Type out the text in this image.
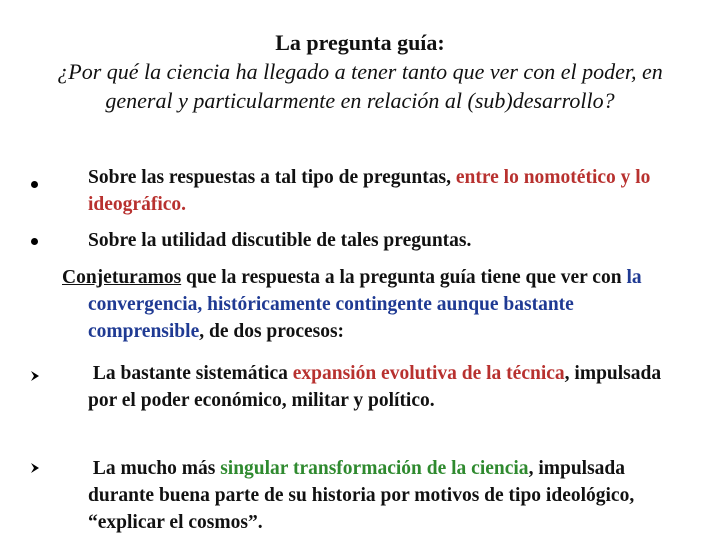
La pregunta guía:
¿Por qué la ciencia ha llegado a tener tanto que ver con el poder, en general y particularmente en relación al (sub)desarrollo?
Sobre las respuestas a tal tipo de preguntas, entre lo nomotético y lo ideográfico.
Sobre la utilidad discutible de tales preguntas.
Conjeturamos que la respuesta a la pregunta guía tiene que ver con la convergencia, históricamente contingente aunque bastante comprensible, de dos procesos:
La bastante sistemática expansión evolutiva de la técnica, impulsada por el poder económico, militar y político.
La mucho más singular transformación de la ciencia, impulsada durante buena parte de su historia por motivos de tipo ideológico, “explicar el cosmos”.
